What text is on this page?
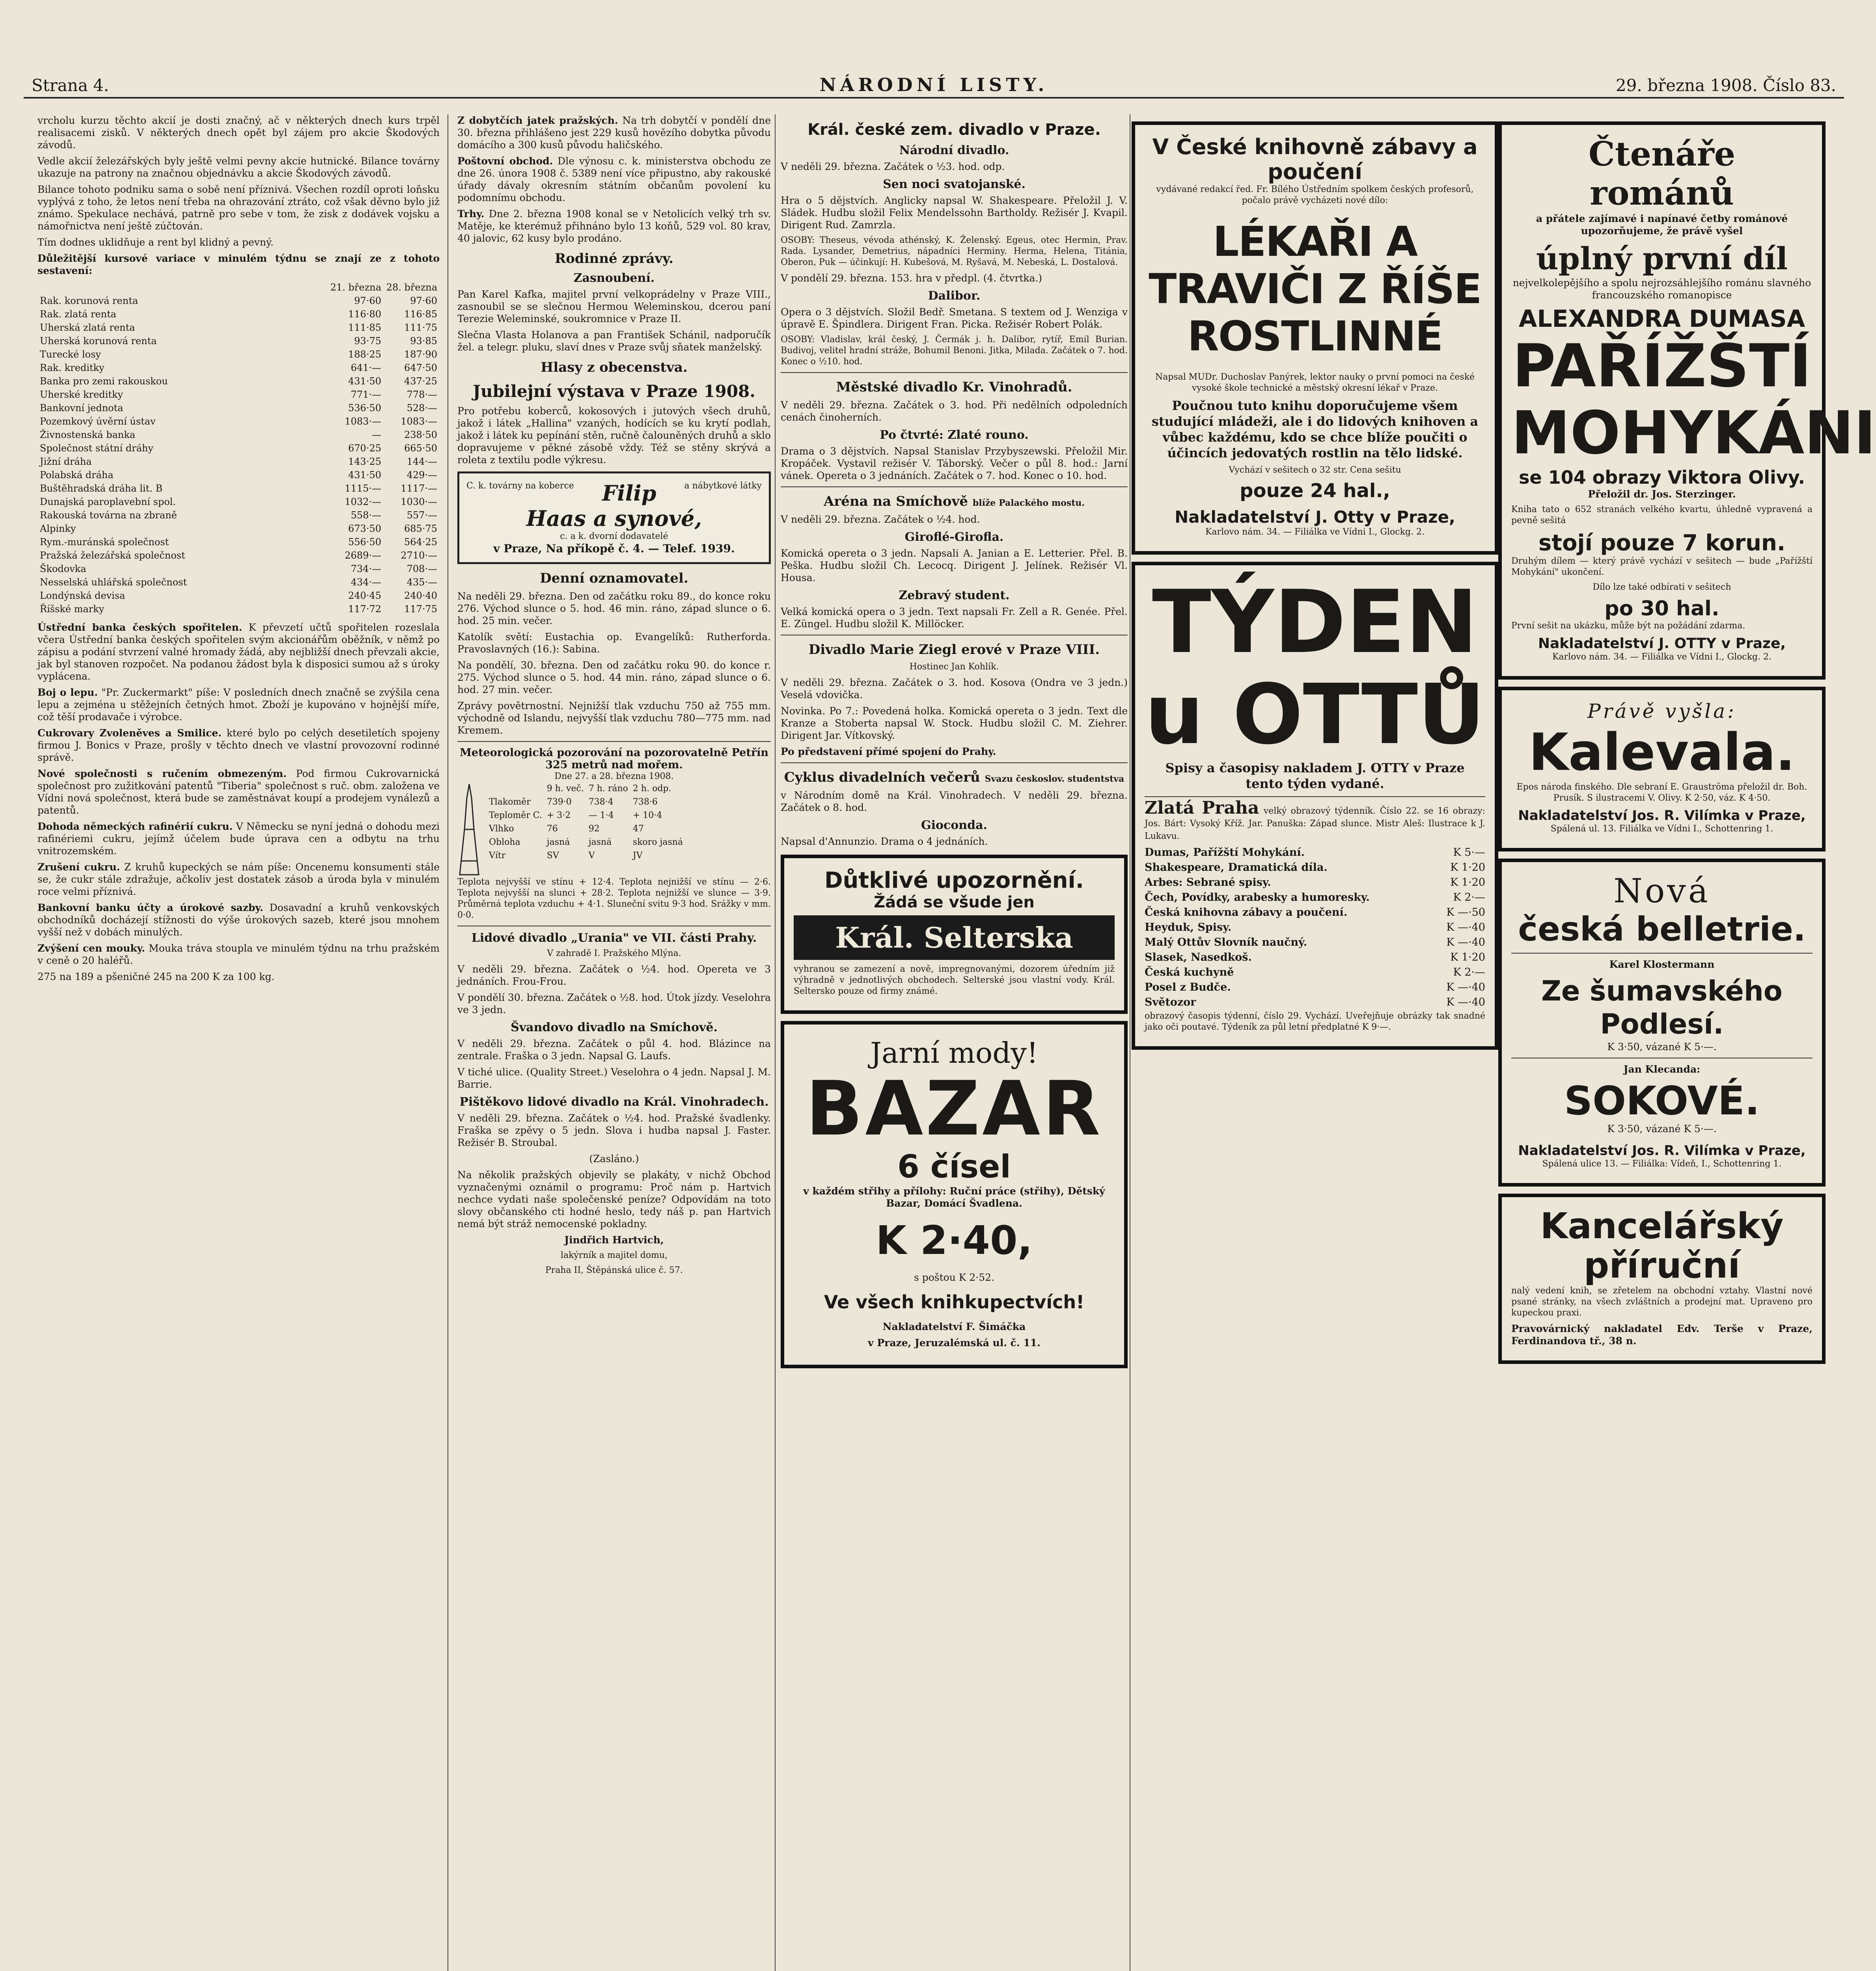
Strana 4.	NÁRODNÍ LISTY.	29. března 1908. Číslo 83.

vrcholu kurzu těchto akcií je dosti značný, ač v některých dnech kurs trpěl realisacemi zisků. V některých dnech opět byl zájem pro akcie Škodových závodů.

Vedle akcií železářských byly ještě velmi pevny akcie hutnické. Bilance továrny ukazuje na patrony na značnou objednávku a akcie Škodových závodů.

Bilance tohoto podniku sama o sobě není příznivá. Všechen rozdíl oproti loňsku vyplývá z toho, že letos není třeba na ohrazování ztráto, což však děvno bylo již známo. Spekulace nechává, patrně pro sebe v tom, že zisk z dodávek vojsku a námořnictva není ještě zúčtován.

Tím dodnes uklidňuje a rent byl klidný a pevný.

Důležitější kursové variace v minulém týdnu se znají ze z tohoto sestavení:

	21. března	28. března
Rak. korunová renta	97·60	97·60
Rak. zlatá renta	116·80	116·85
Uherská zlatá renta	111·85	111·75
Uherská korunová renta	93·75	93·85
Turecké losy	188·25	187·90
Rak. kreditky	641·—	647·50
Banka pro zemi rakouskou	431·50	437·25
Uherské kreditky	771·—	778·—
Bankovní jednota	536·50	528·—
Pozemkový úvěrní ústav	1083·—	1083·—
Živnostenská banka	—	238·50
Společnost státní dráhy	670·25	665·50
Jižní dráha	143·25	144·—
Polabská dráha	431·50	429·—
Buštěhradská dráha lit. B	1115·—	1117·—
Dunajská paroplavební spol.	1032·—	1030·—
Rakouská továrna na zbraně	558·—	557·—
Alpinky	673·50	685·75
Rym.-muránská společnost	556·50	564·25
Pražská železářská společnost	2689·—	2710·—
Škodovka	734·—	708·—
Nesselská uhlářská společnost	434·—	435·—
Londýnská devisa	240·45	240·40
Říšské marky	117·72	117·75

Ústřední banka českých spořitelen. K převzetí učtů spořitelen rozeslala včera Ústřední banka českých spořitelen svým akcionářům oběžník, v němž po zápisu a podání stvrzení valné hromady žádá, aby nejbližší dnech převzali akcie, jak byl stanoven rozpočet. Na podanou žádost byla k disposici sumou až s úroky vyplácena.

Boj o lepu. "Pr. Zuckermarkt" píše: V posledních dnech značně se zvýšila cena lepu a zejména u stěžejních četných hmot. Zboží je kupováno v hojnější míře, což těší prodavače i výrobce.

Cukrovary Zvoleněves a Smilice. které bylo po celých desetiletích spojeny firmou J. Bonics v Praze, prošly v těchto dnech ve vlastní provozovní rodinné správě.

Nové společnosti s ručením obmezeným. Pod firmou Cukrovarnická společnost pro zužitkování patentů "Tiberia" společnost s ruč. obm. založena ve Vídni nová společnost, která bude se zaměstnávat koupí a prodejem vynálezů a patentů.

Dohoda německých rafinérií cukru. V Německu se nyní jedná o dohodu mezi rafinériemi cukru, jejímž účelem bude úprava cen a odbytu na trhu vnitrozemském.

Zrušení cukru. Z kruhů kupeckých se nám píše: Oncenemu konsumenti stále se, že cukr stále zdražuje, ačkoliv jest dostatek zásob a úroda byla v minulém roce velmi příznivá.

Bankovní banku účty a úrokové sazby. Dosavadní a kruhů venkovských obchodníků docházejí stížnosti do výše úrokových sazeb, které jsou mnohem vyšší než v dobách minulých.

Zvýšení cen mouky. Mouka tráva stoupla ve minulém týdnu na trhu pražském v ceně o 20 haléřů.

275 na 189 a pšeničné 245 na 200 K za 100 kg.

Z dobytčích jatek pražských. Na trh dobytčí v pondělí dne 30. března přihlášeno jest 229 kusů hovězího dobytka původu domácího a 300 kusů původu haličského.

Poštovní obchod. Dle výnosu c. k. ministerstva obchodu ze dne 26. února 1908 č. 5389 není více připustno, aby rakouské úřady dávaly okresním státním občanům povolení ku podomnímu obchodu.

Trhy. Dne 2. března 1908 konal se v Netolicích velký trh sv. Matěje, ke kterémuž přihnáno bylo 13 koňů, 529 vol. 80 krav, 40 jalovic, 62 kusy bylo prodáno.

Rodinné zprávy.
Zasnoubení.

Pan Karel Kafka, majitel první velkoprádelny v Praze VIII., zasnoubil se se slečnou Hermou Weleminskou, dcerou paní Terezie Weleminské, soukromnice v Praze II.

Slečna Vlasta Holanova a pan František Schánil, nadporučík žel. a telegr. pluku, slaví dnes v Praze svůj sňatek manželský.

Hlasy z obecenstva.
Jubilejní výstava v Praze 1908.

Pro potřebu koberců, kokosových i jutových všech druhů, jakož i látek „Hallina" vzaných, hodících se ku krytí podlah, jakož i látek ku pepínání stěn, ručně čalouněných druhů a sklo dopravujeme v pěkné zásobě vždy. Též se stěny skrývá a roleta z textilu podle výkresu.

C. k. továrny na koberce	a nábytkové látky
Filip Haas a synové,
c. a k. dvorní dodavatelé
v Praze, Na příkopě č. 4. — Telef. 1939.
Denní oznamovatel.

Na neděli 29. března. Den od začátku roku 89., do konce roku 276. Východ slunce o 5. hod. 46 min. ráno, západ slunce o 6. hod. 25 min. večer.

Katolík světí: Eustachia op. Evangelíků: Rutherforda. Pravoslavných (16.): Sabina.

Na pondělí, 30. března. Den od začátku roku 90. do konce r. 275. Východ slunce o 5. hod. 44 min. ráno, západ slunce o 6. hod. 27 min. večer.

Zprávy povětrnostní. Nejnižší tlak vzduchu 750 až 755 mm. východně od Islandu, nejvyšší tlak vzduchu 780—775 mm. nad Kremem.

Meteorologická pozorování na pozorovatelně Petřín
325 metrů nad mořem.
Dne 27. a 28. března 1908.
	9 h. več.	7 h. ráno	2 h. odp.
Tlakoměr	739·0	738·4	738·6
Teploměr C.	+ 3·2	— 1·4	+ 10·4
Vlhko	76	92	47
Obloha	jasná	jasná	skoro jasná
Vítr	SV	V	JV

Teplota nejvyšší ve stínu + 12·4. Teplota nejnižší ve stínu — 2·6. Teplota nejvyšší na slunci + 28·2. Teplota nejnižší ve slunce — 3·9. Průměrná teplota vzduchu + 4·1. Sluneční svitu 9·3 hod. Srážky v mm. 0·0.

Lidové divadlo „Urania" ve VII. části Prahy.

V zahradě I. Pražského Mlýna.

V neděli 29. března. Začátek o ½4. hod. Opereta ve 3 jednáních. Frou-Frou.

V pondělí 30. března. Začátek o ½8. hod. Útok jízdy. Veselohra ve 3 jedn.

Švandovo divadlo na Smíchově.

V neděli 29. března. Začátek o půl 4. hod. Blázince na zentrale. Fraška o 3 jedn. Napsal G. Laufs.

V tiché ulice. (Quality Street.) Veselohra o 4 jedn. Napsal J. M. Barrie.

Pištěkovo lidové divadlo na Král. Vinohradech.

V neděli 29. března. Začátek o ½4. hod. Pražské švadlenky. Fraška se zpěvy o 5 jedn. Slova i hudba napsal J. Faster. Režisér B. Stroubal.

(Zasláno.)

Na několik pražských objevily se plakáty, v nichž Obchod vyznačenými oznámil o programu: Proč nám p. Hartvich nechce vydati naše společenské peníze? Odpovídám na toto slovy občanského cti hodné heslo, tedy náš p. pan Hartvich nemá být stráž nemocenské pokladny.

Jindřich Hartvich,

lakýrník a majitel domu,

Praha II, Štěpánská ulice č. 57.

Král. české zem. divadlo v Praze.
Národní divadlo.

V neděli 29. března. Začátek o ½3. hod. odp.

Sen noci svatojanské.

Hra o 5 dějstvích. Anglicky napsal W. Shakespeare. Přeložil J. V. Sládek. Hudbu složil Felix Mendelssohn Bartholdy. Režisér J. Kvapil. Dirigent Rud. Zamrzla.

OSOBY: Theseus, vévoda athénský, K. Želenský. Egeus, otec Hermin, Prav. Rada. Lysander, Demetrius, nápadníci Herminy. Herma, Helena, Titánia, Oberon, Puk — účinkují: H. Kubešová, M. Ryšavá, M. Nebeská, L. Dostalová.

V pondělí 29. března. 153. hra v předpl. (4. čtvrtka.)

Dalibor.

Opera o 3 dějstvích. Složil Bedř. Smetana. S textem od J. Wenziga v úpravě E. Špindlera. Dirigent Fran. Picka. Režisér Robert Polák.

OSOBY: Vladislav, král český, J. Čermák j. h. Dalibor, rytíř, Emil Burian. Budivoj, velitel hradní stráže, Bohumil Benoni. Jitka, Milada. Začátek o 7. hod. Konec o ½10. hod.

Městské divadlo Kr. Vinohradů.

V neděli 29. března. Začátek o 3. hod. Při nedělních odpoledních cenách činoherních.

Po čtvrté: Zlaté rouno.

Drama o 3 dějstvích. Napsal Stanislav Przybyszewski. Přeložil Mir. Kropáček. Vystavil režisér V. Táborský. Večer o půl 8. hod.: Jarní vánek. Opereta o 3 jednáních. Začátek o 7. hod. Konec o 10. hod.

Aréna na Smíchově blíže Palackého mostu.

V neděli 29. března. Začátek o ½4. hod.

Giroflé-Girofla.

Komická opereta o 3 jedn. Napsali A. Janian a E. Letterier. Přel. B. Peška. Hudbu složil Ch. Lecocq. Dirigent J. Jelínek. Režisér Vl. Housa.

Zebravý student.

Velká komická opera o 3 jedn. Text napsali Fr. Zell a R. Genée. Přel. E. Züngel. Hudbu složil K. Millöcker.

Divadlo Marie Ziegl erové v Praze VIII.

Hostinec Jan Kohlík.

V neděli 29. března. Začátek o 3. hod. Kosova (Ondra ve 3 jedn.) Veselá vdovička.

Novinka. Po 7.: Povedená holka. Komická opereta o 3 jedn. Text dle Kranze a Stoberta napsal W. Stock. Hudbu složil C. M. Ziehrer. Dirigent Jar. Vítkovský.

Po představení přímé spojení do Prahy.

Cyklus divadelních večerů Svazu českoslov. studentstva

v Národním domě na Král. Vinohradech. V neděli 29. března. Začátek o 8. hod.

Gioconda.

Napsal d'Annunzio. Drama o 4 jednáních.

Důtklivé upozornění.
Žádá se všude jen
Král. Selterska

vyhranou se zamezení a nově, impregnovanými, dozorem úředním již výhradně v jednotlivých obchodech. Selterské jsou vlastní vody. Král. Seltersko pouze od firmy známé.

Jarní mody!
BAZAR
6 čísel

v každém střihy a přílohy: Ruční práce (střihy), Dětský Bazar, Domácí Švadlena.

K 2·40,

s poštou K 2·52.

Ve všech knihkupectvích!

Nakladatelství F. Šimáčka

v Praze, Jeruzalémská ul. č. 11.

V České knihovně zábavy a poučení

vydávané redakcí řed. Fr. Bílého Ústředním spolkem českých profesorů, počalo právě vycházeti nové dílo:

LÉKAŘI A TRAVIČI Z ŘÍŠE ROSTLINNÉ

Napsal MUDr. Duchoslav Panýrek, lektor nauky o první pomoci na české vysoké škole technické a městský okresní lékař v Praze.

Poučnou tuto knihu doporučujeme všem studující mládeži, ale i do lidových knihoven a vůbec každému, kdo se chce blíže poučiti o účincích jedovatých rostlin na tělo lidské.

Vychází v sešitech o 32 str. Cena sešitu

pouze 24 hal.,
Nakladatelství J. Otty v Praze,

Karlovo nám. 34. — Filiálka ve Vídni I., Glockg. 2.

TÝDEN
u OTTŮ

Spisy a časopisy nakladem J. OTTY v Praze tento týden vydané.

Zlatá Praha velký obrazový týdenník. Číslo 22. se 16 obrazy: Jos. Bárt: Vysoký Kříž. Jar. Panuška: Západ slunce. Mistr Aleš: Ilustrace k J. Lukavu.

Dumas, Pařížští Mohykání.	K 5·—
Shakespeare, Dramatická díla.	K 1·20
Arbes: Sebrané spisy.	K 1·20
Čech, Povídky, arabesky a humoresky.	K 2·—
Česká knihovna zábavy a poučení.	K —·50
Heyduk, Spisy.	K —·40
Malý Ottův Slovník naučný.	K —·40
Slasek, Nasedkoš.	K 1·20
Česká kuchyně	K 2·—
Posel z Budče.	K —·40
Světozor	K —·40

obrazový časopis týdenní, číslo 29. Vychází. Uveřejňuje obrázky tak snadné jako oči poutavé. Týdeník za půl letní předplatné K 9·—.

Čtenáře románů

a přátele zajímavé i napínavé četby románové upozorňujeme, že právě vyšel

úplný první díl

nejvelkolepějšího a spolu nejrozsáhlejšího románu slavného francouzského romanopisce

ALEXANDRA DUMASA
PAŘÍŽŠTÍ
MOHYKÁNI
se 104 obrazy Viktora Olivy.

Přeložil dr. Jos. Sterzinger.

Kniha tato o 652 stranách velkého kvartu, úhledně vypravená a pevně sešitá

stojí pouze 7 korun.

Druhým dílem — který právě vychází v sešitech — bude „Pařížští Mohykání" ukončení.

Dílo lze také odbírati v sešitech

po 30 hal.

První sešit na ukázku, může být na požádání zdarma.

Nakladatelství J. OTTY v Praze,

Karlovo nám. 34. — Filiálka ve Vídni I., Glockg. 2.

Právě vyšla:
Kalevala.

Epos národa finského. Dle sebraní E. Grauströma přeložil dr. Boh. Prusík. S ilustracemi V. Olivy. K 2·50, váz. K 4·50.

Nakladatelství Jos. R. Vilímka v Praze,

Spálená ul. 13. Filiálka ve Vídni I., Schottenring 1.

Nová
česká belletrie.

Karel Klostermann

Ze šumavského Podlesí.

K 3·50, vázané K 5·—.

Jan Klecanda:

SOKOVÉ.

K 3·50, vázané K 5·—.

Nakladatelství Jos. R. Vilímka v Praze,

Spálená ulice 13. — Filiálka: Vídeň, I., Schottenring 1.

Kancelářský příruční

nalý vedení knih, se zřetelem na obchodní vztahy. Vlastní nové psané stránky, na všech zvláštních a prodejní mat. Upraveno pro kupeckou praxi.

Pravovárnický nakladatel Edv. Terše v Praze, Ferdinandova tř., 38 n.
